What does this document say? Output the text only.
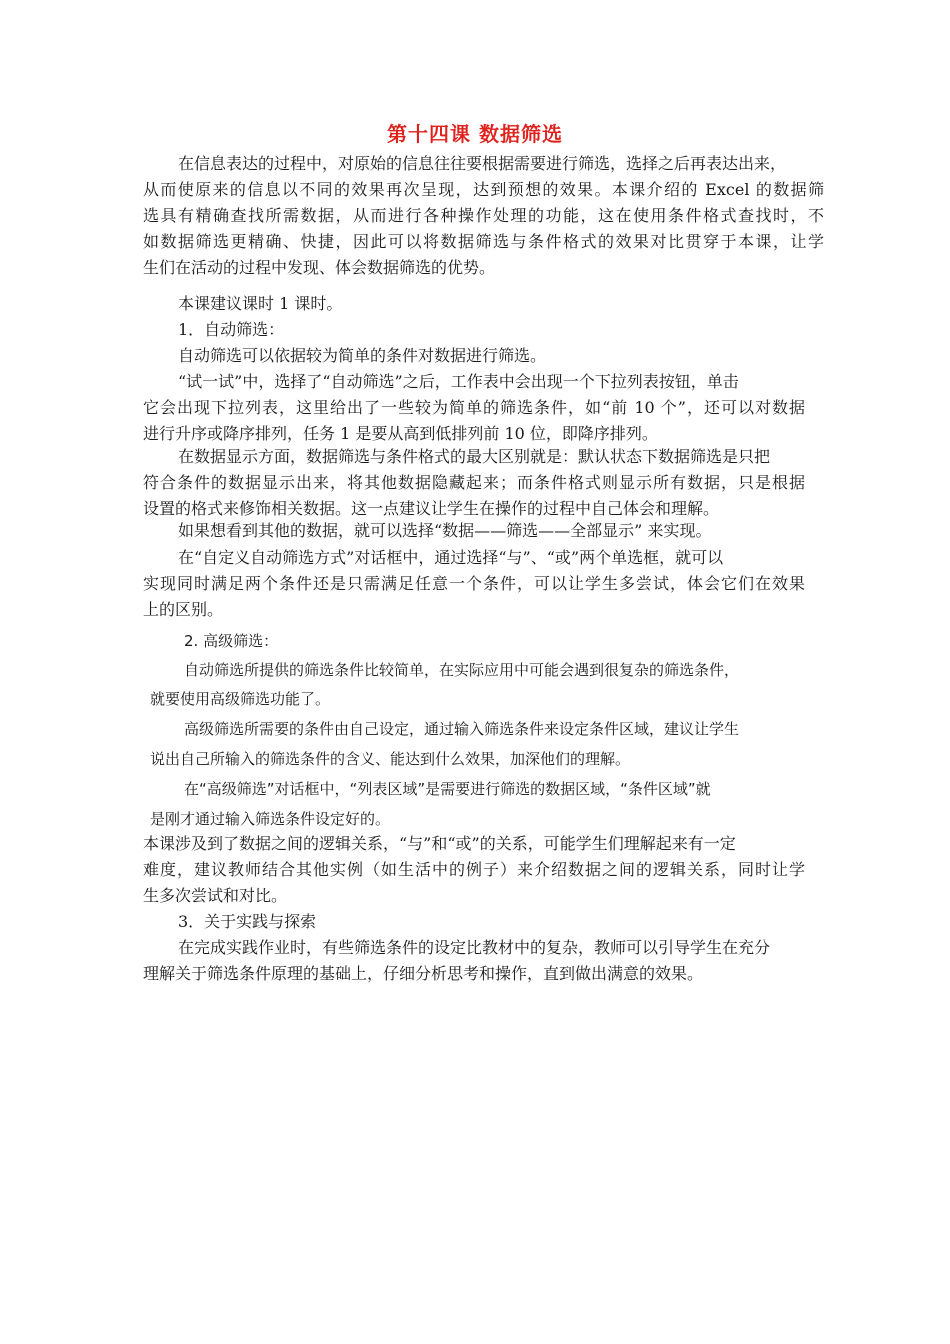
第十四课 数据筛选
在信息表达的过程中，对原始的信息往往要根据需要进行筛选，选择之后再表达出来，
从而使原来的信息以不同的效果再次呈现，达到预想的效果。本课介绍的 Excel 的数据筛
选具有精确查找所需数据，从而进行各种操作处理的功能，这在使用条件格式查找时，不
如数据筛选更精确、快捷，因此可以将数据筛选与条件格式的效果对比贯穿于本课，让学
生们在活动的过程中发现、体会数据筛选的优势。
本课建议课时 1 课时。
1．自动筛选：
自动筛选可以依据较为简单的条件对数据进行筛选。
“试一试”中，选择了“自动筛选”之后，工作表中会出现一个下拉列表按钮，单击
它会出现下拉列表，这里给出了一些较为简单的筛选条件，如“前 10 个”，还可以对数据
进行升序或降序排列，任务 1 是要从高到低排列前 10 位，即降序排列。
在数据显示方面，数据筛选与条件格式的最大区别就是：默认状态下数据筛选是只把
符合条件的数据显示出来，将其他数据隐藏起来；而条件格式则显示所有数据，只是根据
设置的格式来修饰相关数据。这一点建议让学生在操作的过程中自己体会和理解。
如果想看到其他的数据，就可以选择“数据——筛选——全部显示” 来实现。
在“自定义自动筛选方式”对话框中，通过选择“与”、“或”两个单选框，就可以
实现同时满足两个条件还是只需满足任意一个条件，可以让学生多尝试，体会它们在效果
上的区别。
2. 高级筛选：
自动筛选所提供的筛选条件比较简单，在实际应用中可能会遇到很复杂的筛选条件，
就要使用高级筛选功能了。
高级筛选所需要的条件由自己设定，通过输入筛选条件来设定条件区域，建议让学生
说出自己所输入的筛选条件的含义、能达到什么效果，加深他们的理解。
在“高级筛选”对话框中，“列表区域”是需要进行筛选的数据区域，“条件区域”就
是刚才通过输入筛选条件设定好的。
本课涉及到了数据之间的逻辑关系，“与”和“或”的关系，可能学生们理解起来有一定
难度，建议教师结合其他实例（如生活中的例子）来介绍数据之间的逻辑关系，同时让学
生多次尝试和对比。
3．关于实践与探索
在完成实践作业时，有些筛选条件的设定比教材中的复杂，教师可以引导学生在充分
理解关于筛选条件原理的基础上，仔细分析思考和操作，直到做出满意的效果。
